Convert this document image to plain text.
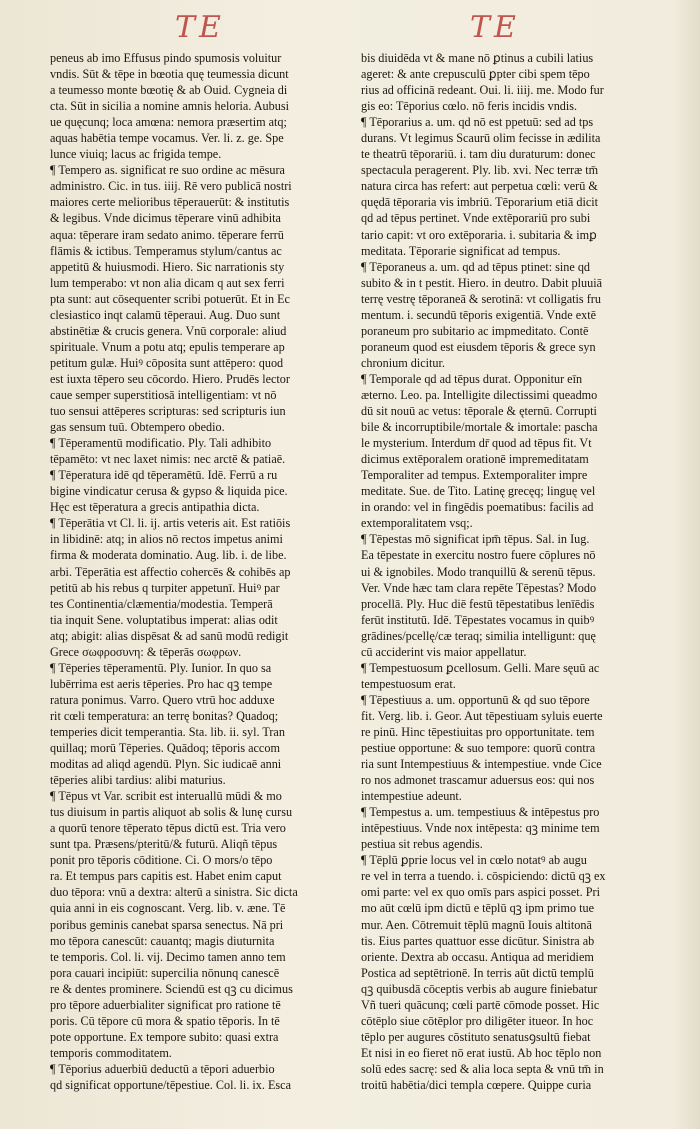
TE	TE

peneus ab imo Effusus pindo spumosis voluitur

vndis. Sūt & tēpe in bœotia quę teumessia dicunt

a teumesso monte bœotię & ab Ouid. Cygneia di

cta. Sūt in sicilia a nomine amnis heloria. Aubusi

ue quęcunq; loca amœna: nemora præsertim atq;

aquas habētia tempe vocamus. Ver. li. z. ge. Spe

lunce viuiq; lacus ac frigida tempe.

¶ Tempero as. significat re suo ordine ac mēsura

administro. Cic. in tus. iiij. Rē vero publicā nostri

maiores certe melioribus tēperauerūt: & institutis

& legibus. Vnde dicimus tēperare vinū adhibita

aqua: tēperare iram sedato animo. tēperare ferrū

flāmis & ictibus. Temperamus stylum/cantus ac

appetitū & huiusmodi. Hiero. Sic narrationis sty

lum temperabo: vt non alia dicam q aut sex ferri

pta sunt: aut cōsequenter scribi potuerūt. Et in Ec

clesiastico inqt calamū tēperaui. Aug. Duo sunt

abstinētiæ & crucis genera. Vnū corporale: aliud

spirituale. Vnum a potu atq; epulis temperare ap

petitum gulæ. Huiꝰ cōposita sunt attēpero: quod

est iuxta tēpero seu cōcordo. Hiero. Prudēs lector

caue semper superstitiosā intelligentiam: vt nō

tuo sensui attēperes scripturas: sed scripturis iun

gas sensum tuū. Obtempero obedio.

¶ Tēperamentū modificatio. Ply. Tali adhibito

tēpamēto: vt nec laxet nimis: nec arctē & patiaē.

¶ Tēperatura idē qd tēperamētū. Idē. Ferrū a ru

bigine vindicatur cerusa & gypso & liquida pice.

Hęc est tēperatura a grecis antipathia dicta.

¶ Tēperātia vt Cl. li. ij. artis veteris ait. Est ratiōis

in libidinē: atq; in alios nō rectos impetus animi

firma & moderata dominatio. Aug. lib. i. de libe.

arbi. Tēperātia est affectio cohercēs & cohibēs ap

petitū ab his rebus q turpiter appetunī. Huiꝰ par

tes Continentia/clæmentia/modestia. Temperā

tia inquit Sene. voluptatibus imperat: alias odit

atq; abigit: alias dispēsat & ad sanū modū redigit

Grece σωφροσυνη: & tēperās σωφρων.

¶ Tēperies tēperamentū. Ply. Iunior. In quo sa

lubērrima est aeris tēperies. Pro hac qꝫ tempe

ratura ponimus. Varro. Quero vtrū hoc adduxe

rit cœli temperatura: an terrę bonitas? Quadoq;

temperies dicit temperantia. Sta. lib. ii. syl. Tran

quillaq; morū Tēperies. Quādoq; tēporis accom

moditas ad aliqd agendū. Plyn. Sic iudicaē anni

tēperies alibi tardius: alibi maturius.

¶ Tēpus vt Var. scribit est interuallū mūdi & mo

tus diuisum in partis aliquot ab solis & lunę cursu

a quorū tenore tēperato tēpus dictū est. Tria vero

sunt tpa. Præsens/pteritū/& futurū. Aliqñ tēpus

ponit pro tēporis cōditione. Ci. O mors/o tēpo

ra. Et tempus pars capitis est. Habet enim caput

duo tēpora: vnū a dextra: alterū a sinistra. Sic dicta

quia anni in eis cognoscant. Verg. lib. v. æne. Tē

poribus geminis canebat sparsa senectus. Nā pri

mo tēpora canescūt: cauantq; magis diuturnita

te temporis. Col. li. vij. Decimo tamen anno tem

pora cauari incipiūt: supercilia nōnunq canescē

re & dentes prominere. Sciendū est qꝫ cu dicimus

pro tēpore aduerbialiter significat pro ratione tē

poris. Cū tēpore cū mora & spatio tēporis. In tē

pote opportune. Ex tempore subito: quasi extra

temporis commoditatem.

¶ Tēporius aduerbiū deductū a tēpori aduerbio

qd significat opportune/tēpestiue. Col. li. ix. Esca

bis diuidēda vt & mane nō ꝑtinus a cubili latius

ageret: & ante crepusculū ꝑpter cibi spem tēpo

rius ad officinā redeant. Oui. li. iiij. me. Modo fur

gis eo: Tēporius cœlo. nō feris incidis vndis.

¶ Tēporarius a. um. qd nō est ppetuū: sed ad tps

durans. Vt legimus Scaurū olim fecisse in ædilita

te theatrū tēporariū. i. tam diu duraturum: donec

spectacula peragerent. Ply. lib. xvi. Nec terræ tm̄

natura circa has refert: aut perpetua cœli: verū &

quędā tēporaria vis imbriū. Tēporarium etiā dicit

qd ad tēpus pertinet. Vnde extēporariū pro subi

tario capit: vt oro extēporaria. i. subitaria & imꝑ

meditata. Tēporarie significat ad tempus.

¶ Tēporaneus a. um. qd ad tēpus ptinet: sine qd

subito & in t pestit. Hiero. in deutro. Dabit pluuiā

terrę vestrę tēporaneā & serotinā: vt colligatis fru

mentum. i. secundū tēporis exigentiā. Vnde extē

poraneum pro subitario ac impmeditato. Contē

poraneum quod est eiusdem tēporis & grece syn

chronium dicitur.

¶ Temporale qd ad tēpus durat. Opponitur eīn

æterno. Leo. pa. Intelligite dilectissimi queadmo

dū sit nouū ac vetus: tēporale & ęternū. Corrupti

bile & incorruptibile/mortale & imortale: pascha

le mysterium. Interdum dr̄ quod ad tēpus fit. Vt

dicimus extēporalem orationē impremeditatam

Temporaliter ad tempus. Extemporaliter impre

meditate. Sue. de Tito. Latinę grecęq; linguę vel

in orando: vel in fingēdis poematibus: facilis ad

extemporalitatem vsq;.

¶ Tēpestas mō significat ipm̄ tēpus. Sal. in Iug.

Ea tēpestate in exercitu nostro fuere cōplures nō

ui & ignobiles. Modo tranquillū & serenū tēpus.

Ver. Vnde hæc tam clara repēte Tēpestas? Modo

procellā. Ply. Huc diē festū tēpestatibus lenīēdis

ferūt institutū. Idē. Tēpestates vocamus in quibꝰ

grādines/pcellę/cæ teraq; similia intelligunt: quę

cū acciderint vis maior appellatur.

¶ Tempestuosum ꝑcellosum. Gelli. Mare sęuū ac

tempestuosum erat.

¶ Tēpestiuus a. um. opportunū & qd suo tēpore

fit. Verg. lib. i. Geor. Aut tēpestiuam syluis euerte

re pinū. Hinc tēpestiuitas pro opportunitate. tem

pestiue opportune: & suo tempore: quorū contra

ria sunt Intempestiuus & intempestiue. vnde Cice

ro nos admonet trascamur aduersus eos: qui nos

intempestiue adeunt.

¶ Tempestus a. um. tempestiuus & intēpestus pro

intēpestiuus. Vnde nox intēpesta: qꝫ minime tem

pestiua sit rebus agendis.

¶ Tēplū ꝑprie locus vel in cœlo notatꝰ ab augu

re vel in terra a tuendo. i. cōspiciendo: dictū qꝫ ex

omi parte: vel ex quo omīs pars aspici posset. Pri

mo aūt cœlū ipm dictū e tēplū qꝫ ipm primo tue

mur. Aen. Cōtremuit tēplū magnū Iouis altitonā

tis. Eius partes quattuor esse dicūtur. Sinistra ab

oriente. Dextra ab occasu. Antiqua ad meridiem

Postica ad septētrionē. In terris aūt dictū templū

qꝫ quibusdā cōceptis verbis ab augure finiebatur

Vñ tueri quācunq; cœli partē cōmode posset. Hic

cōtēplo siue cōtēplor pro diligēter itueor. In hoc

tēplo per augures cōstituto senatusꝯsultū fiebat

Et nisi in eo fieret nō erat iustū. Ab hoc tēplo non

solū edes sacrę: sed & alia loca septa & vnū tm̄ in

troitū habētia/dici templa cœpere. Quippe curia
